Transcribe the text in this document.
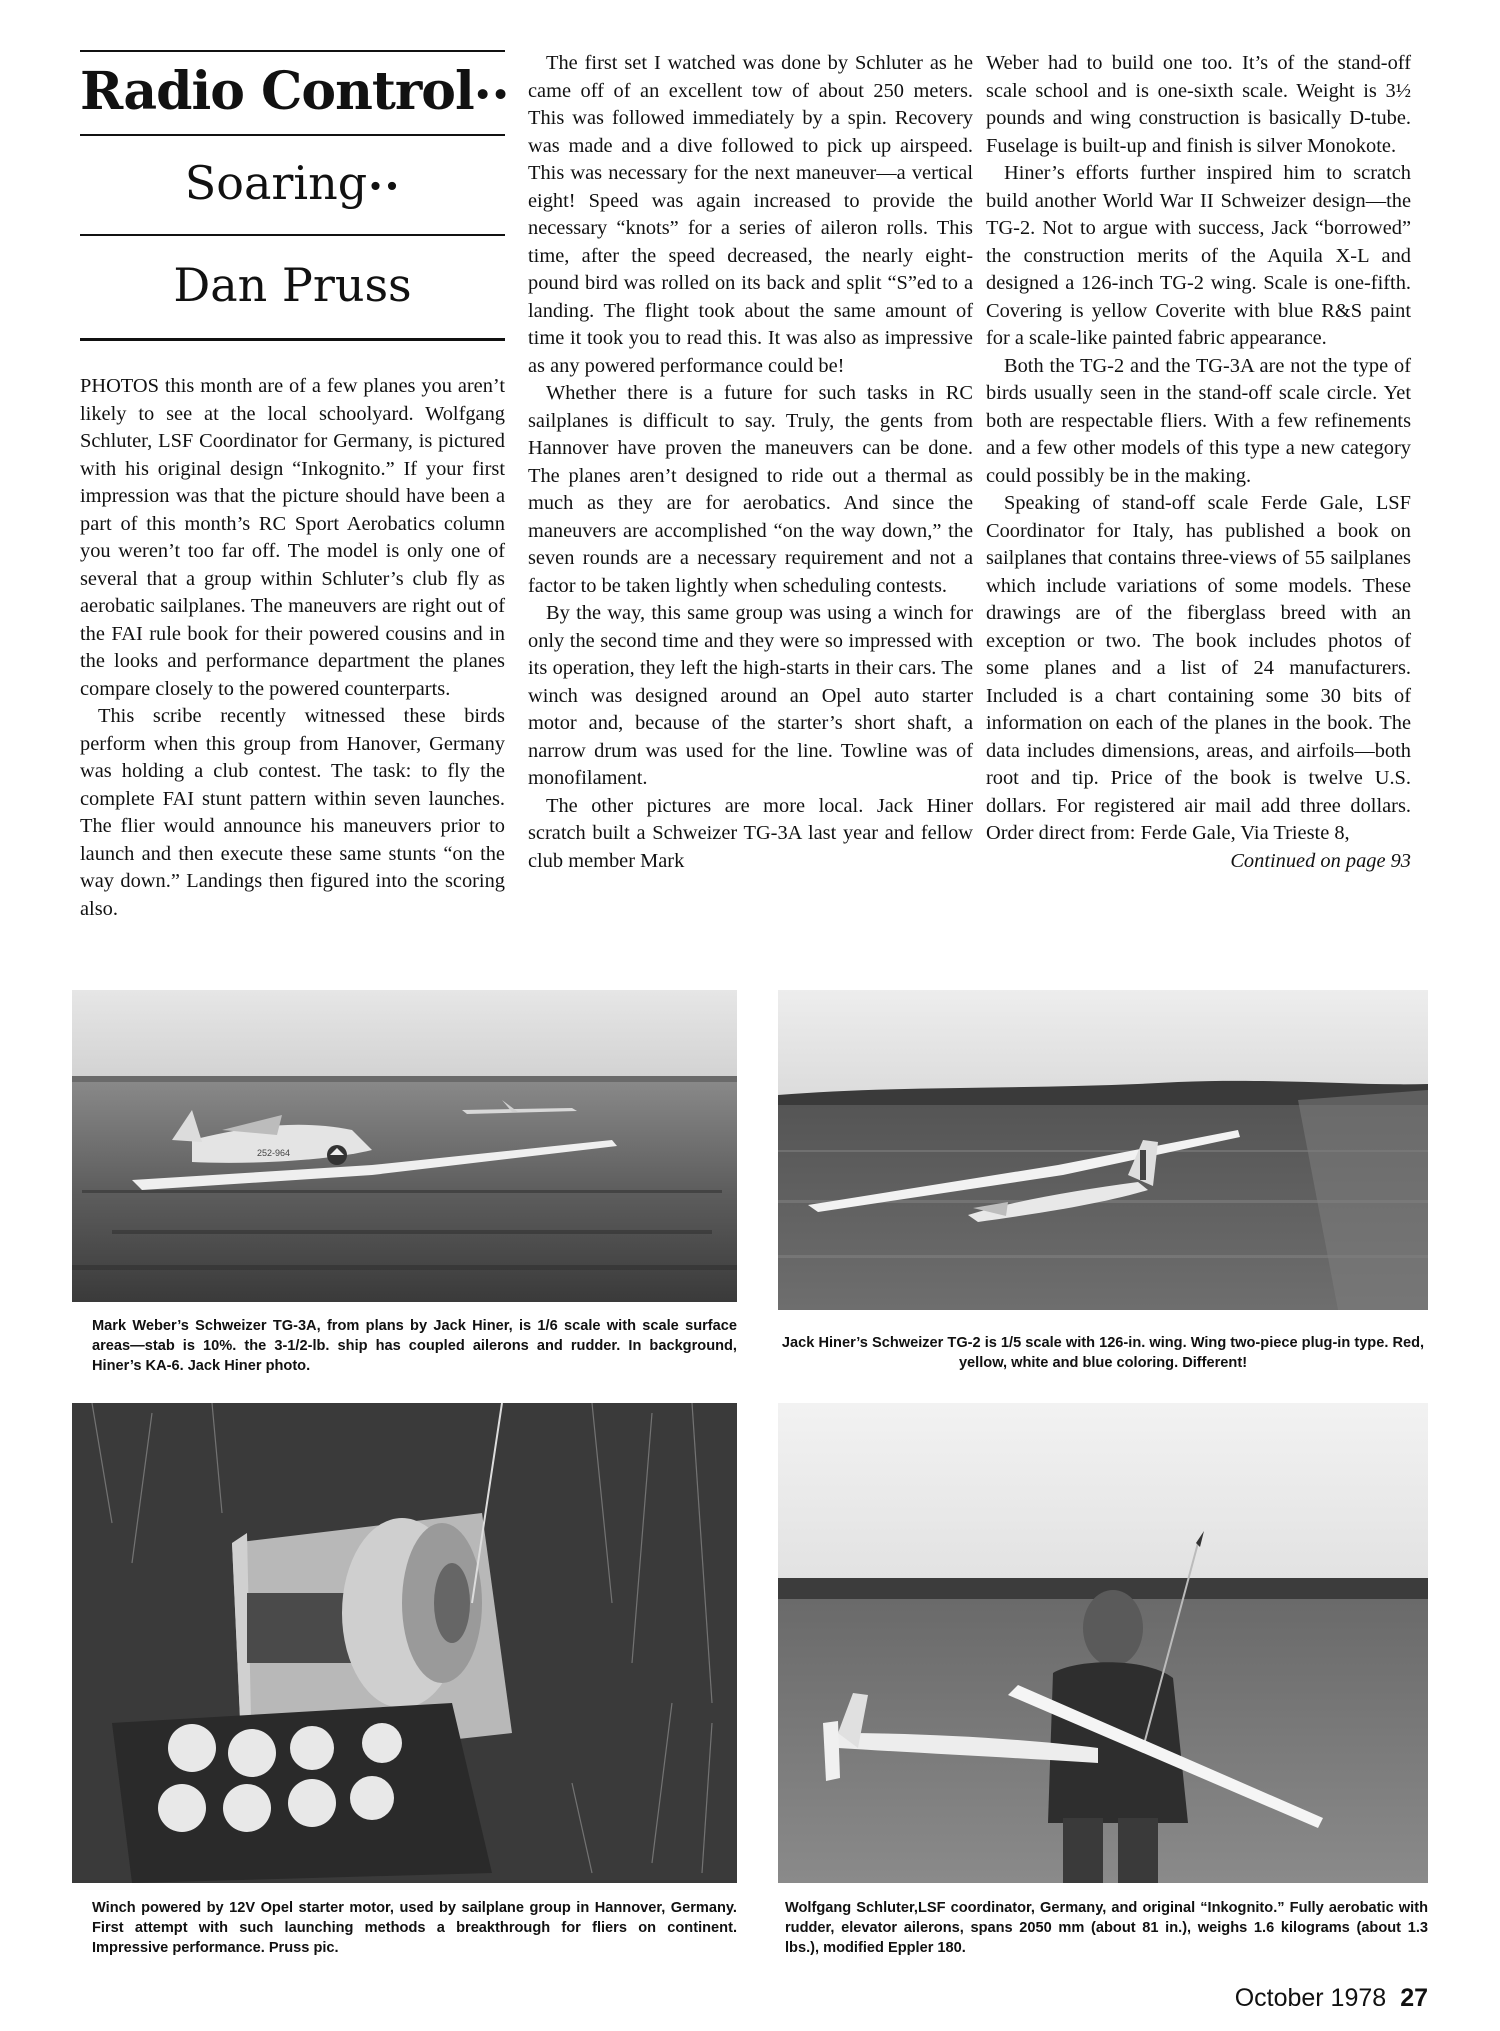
Radio Control••
Soaring••
Dan Pruss

PHOTOS this month are of a few planes you aren’t likely to see at the local schoolyard. Wolfgang Schluter, LSF Coordinator for Germany, is pictured with his original design “Inkognito.” If your first impression was that the picture should have been a part of this month’s RC Sport Aerobatics column you weren’t too far off. The model is only one of several that a group within Schluter’s club fly as aerobatic sailplanes. The maneuvers are right out of the FAI rule book for their powered cousins and in the looks and performance department the planes compare closely to the powered counterparts.

This scribe recently witnessed these birds perform when this group from Hanover, Germany was holding a club contest. The task: to fly the complete FAI stunt pattern within seven launches. The flier would announce his maneuvers prior to launch and then execute these same stunts “on the way down.” Landings then figured into the scoring also.

The first set I watched was done by Schluter as he came off of an excellent tow of about 250 meters. This was followed immediately by a spin. Recovery was made and a dive followed to pick up airspeed. This was necessary for the next maneuver—a vertical eight! Speed was again increased to provide the necessary “knots” for a series of aileron rolls. This time, after the speed decreased, the nearly eight-pound bird was rolled on its back and split “S”ed to a landing. The flight took about the same amount of time it took you to read this. It was also as impressive as any powered performance could be!

Whether there is a future for such tasks in RC sailplanes is difficult to say. Truly, the gents from Hannover have proven the maneuvers can be done. The planes aren’t designed to ride out a thermal as much as they are for aerobatics. And since the maneuvers are accomplished “on the way down,” the seven rounds are a necessary requirement and not a factor to be taken lightly when scheduling contests.

By the way, this same group was using a winch for only the second time and they were so impressed with its operation, they left the high-starts in their cars. The winch was designed around an Opel auto starter motor and, because of the starter’s short shaft, a narrow drum was used for the line. Towline was of monofilament.

The other pictures are more local. Jack Hiner scratch built a Schweizer TG-3A last year and fellow club member Mark

Weber had to build one too. It’s of the stand-off scale school and is one-sixth scale. Weight is 3½ pounds and wing construction is basically D-tube. Fuselage is built-up and finish is silver Monokote.

Hiner’s efforts further inspired him to scratch build another World War II Schweizer design—the TG-2. Not to argue with success, Jack “borrowed” the construction merits of the Aquila X-L and designed a 126-inch TG-2 wing. Scale is one-fifth. Covering is yellow Coverite with blue R&S paint for a scale-like painted fabric appearance.

Both the TG-2 and the TG-3A are not the type of birds usually seen in the stand-off scale circle. Yet both are respectable fliers. With a few refinements and a few other models of this type a new category could possibly be in the making.

Speaking of stand-off scale Ferde Gale, LSF Coordinator for Italy, has published a book on sailplanes that contains three-views of 55 sailplanes which include variations of some models. These drawings are of the fiberglass breed with an exception or two. The book includes photos of some planes and a list of 24 manufacturers. Included is a chart containing some 30 bits of information on each of the planes in the book. The data includes dimensions, areas, and airfoils—both root and tip. Price of the book is twelve U.S. dollars. For registered air mail add three dollars. Order direct from: Ferde Gale, Via Trieste 8,

Continued on page 93

252-964
Mark Weber’s Schweizer TG-3A, from plans by Jack Hiner, is 1/6 scale with scale surface areas—stab is 10%. the 3-1/2-lb. ship has coupled ailerons and rudder. In background, Hiner’s KA-6. Jack Hiner photo.
Jack Hiner’s Schweizer TG-2 is 1/5 scale with 126-in. wing. Wing two-piece plug-in type. Red, yellow, white and blue coloring. Different!
Winch powered by 12V Opel starter motor, used by sailplane group in Hannover, Germany. First attempt with such launching methods a breakthrough for fliers on continent. Impressive performance. Pruss pic.
Wolfgang Schluter,LSF coordinator, Germany, and original “Inkognito.” Fully aerobatic with rudder, elevator ailerons, spans 2050 mm (about 81 in.), weighs 1.6 kilograms (about 1.3 lbs.), modified Eppler 180.
October 1978 27
